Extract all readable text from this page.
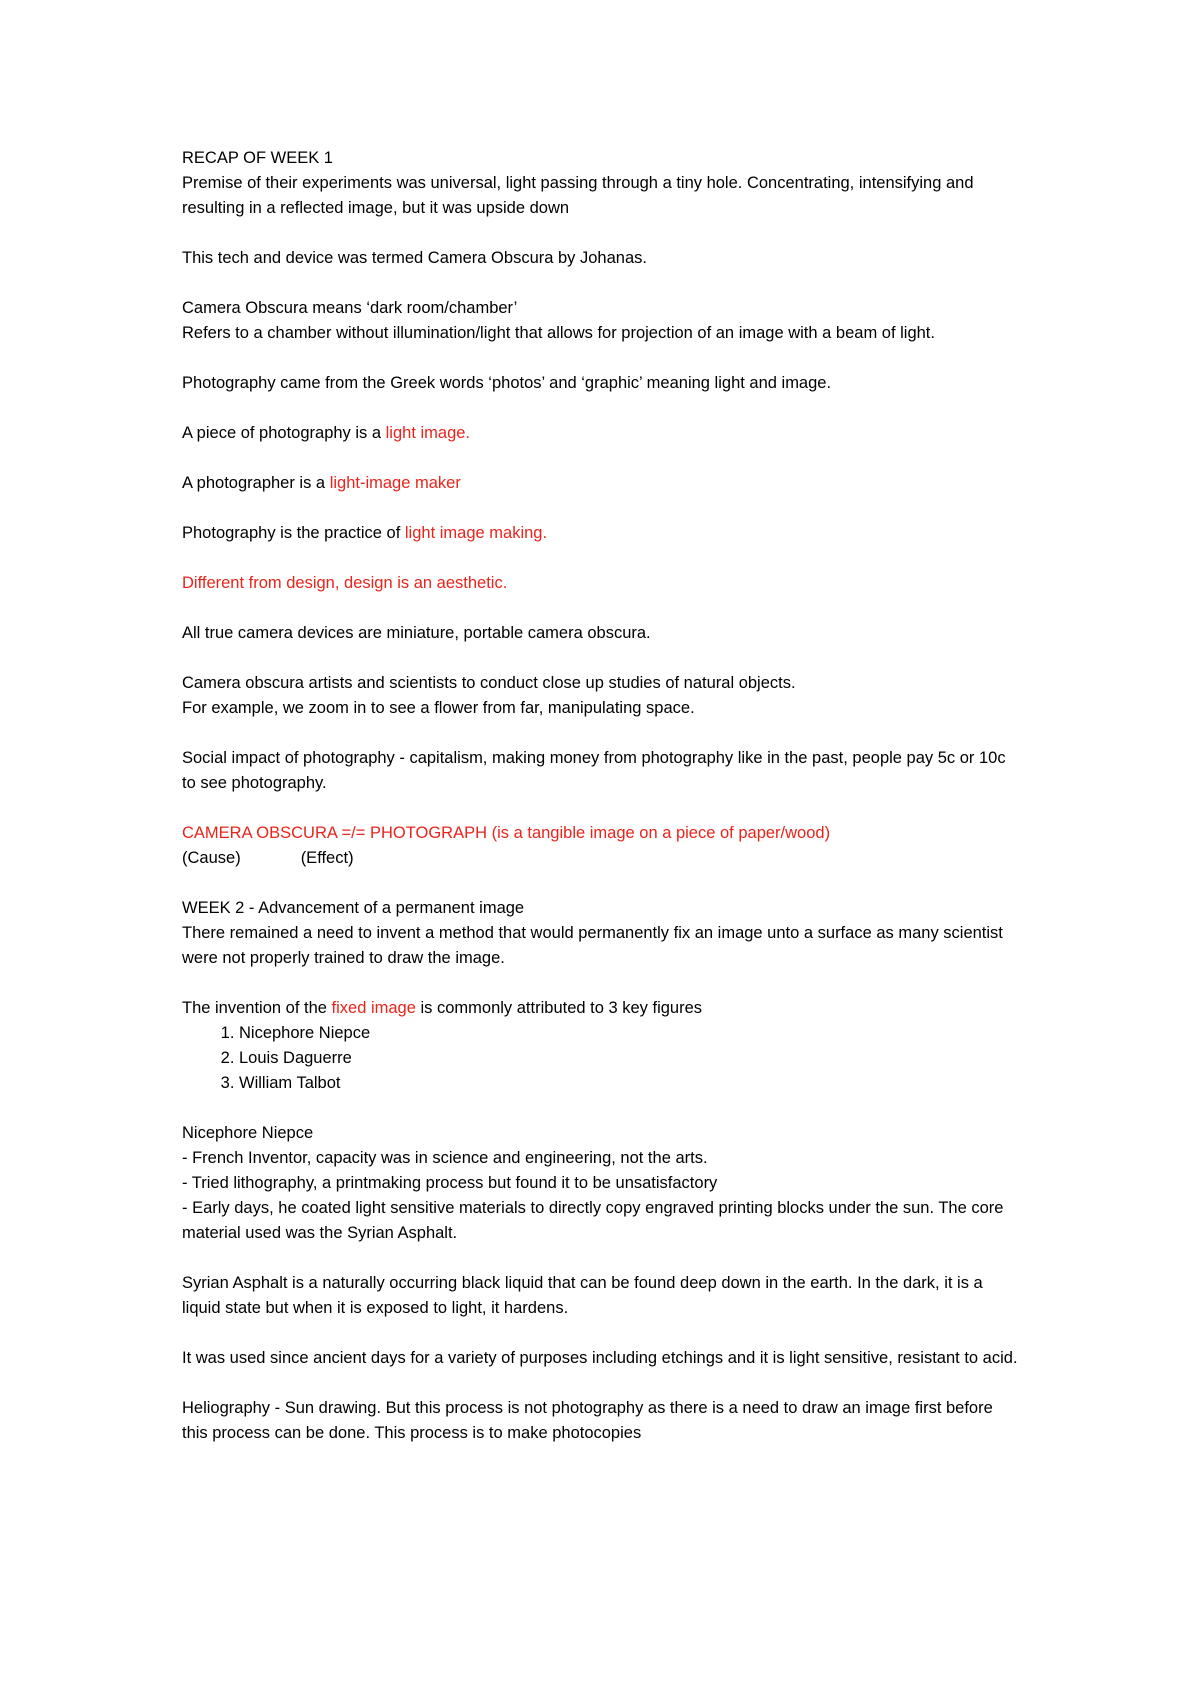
RECAP OF WEEK 1

Premise of their experiments was universal, light passing through a tiny hole. Concentrating, intensifying and resulting in a reflected image, but it was upside down

This tech and device was termed Camera Obscura by Johanas.

Camera Obscura means ‘dark room/chamber’

Refers to a chamber without illumination/light that allows for projection of an image with a beam of light.

Photography came from the Greek words ‘photos’ and ‘graphic’ meaning light and image.

A piece of photography is a light image.

A photographer is a light-image maker

Photography is the practice of light image making.

Different from design, design is an aesthetic.

All true camera devices are miniature, portable camera obscura.

Camera obscura artists and scientists to conduct close up studies of natural objects.

For example, we zoom in to see a flower from far, manipulating space.

Social impact of photography - capitalism, making money from photography like in the past, people pay 5c or 10c to see photography.

CAMERA OBSCURA =/= PHOTOGRAPH (is a tangible image on a piece of paper/wood)

(Cause)	(Effect)

WEEK 2 - Advancement of a permanent image

There remained a need to invent a method that would permanently fix an image unto a surface as many scientist were not properly trained to draw the image.

The invention of the fixed image is commonly attributed to 3 key figures

1. Nicephore Niepce
2. Louis Daguerre
3. William Talbot

Nicephore Niepce

- French Inventor, capacity was in science and engineering, not the arts.

- Tried lithography, a printmaking process but found it to be unsatisfactory

- Early days, he coated light sensitive materials to directly copy engraved printing blocks under the sun. The core material used was the Syrian Asphalt.

Syrian Asphalt is a naturally occurring black liquid that can be found deep down in the earth. In the dark, it is a liquid state but when it is exposed to light, it hardens.

It was used since ancient days for a variety of purposes including etchings and it is light sensitive, resistant to acid.

Heliography - Sun drawing. But this process is not photography as there is a need to draw an image first before this process can be done. This process is to make photocopies
